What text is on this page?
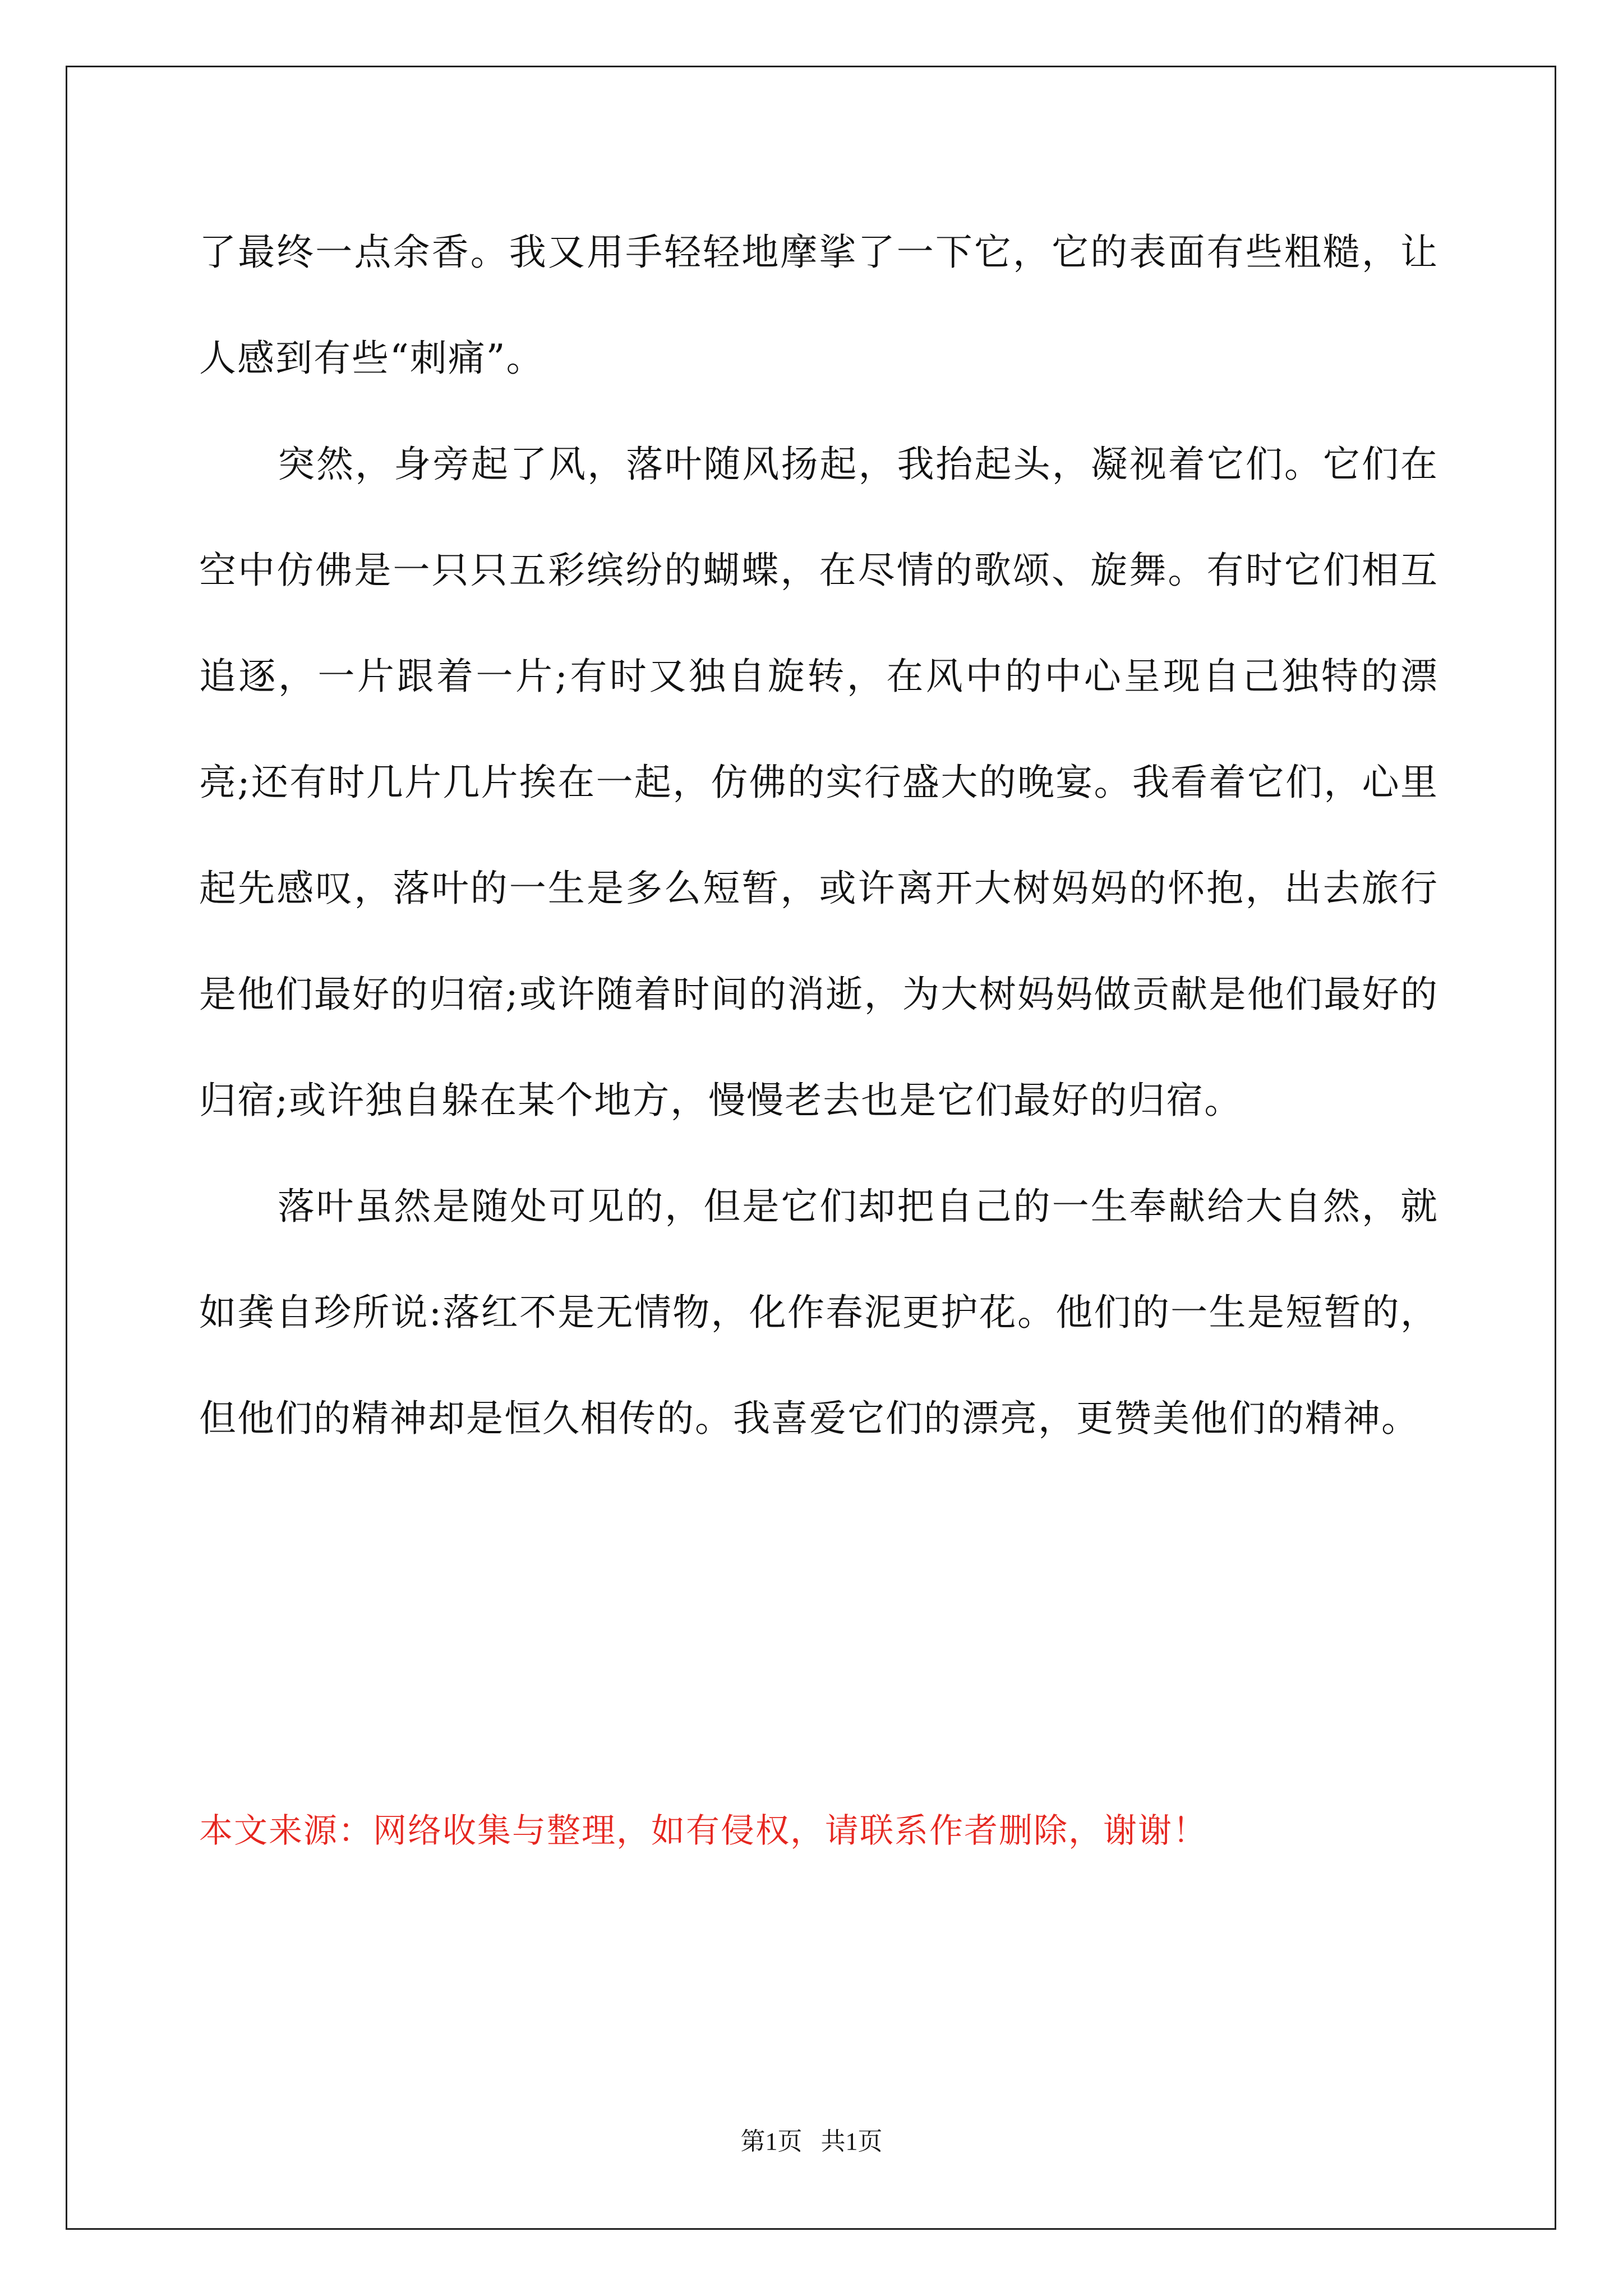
了最终一点余香。我又用手轻轻地摩挲了一下它，它的表面有些粗糙，让人感到有些“刺痛”。

突然，身旁起了风，落叶随风扬起，我抬起头，凝视着它们。它们在空中仿佛是一只只五彩缤纷的蝴蝶，在尽情的歌颂、旋舞。有时它们相互追逐，一片跟着一片;有时又独自旋转，在风中的中心呈现自己独特的漂亮;还有时几片几片挨在一起，仿佛的实行盛大的晚宴。我看着它们，心里起先感叹，落叶的一生是多么短暂，或许离开大树妈妈的怀抱，出去旅行是他们最好的归宿;或许随着时间的消逝，为大树妈妈做贡献是他们最好的归宿;或许独自躲在某个地方，慢慢老去也是它们最好的归宿。

落叶虽然是随处可见的，但是它们却把自己的一生奉献给大自然，就如龚自珍所说:落红不是无情物，化作春泥更护花。他们的一生是短暂的，但他们的精神却是恒久相传的。我喜爱它们的漂亮，更赞美他们的精神。

本文来源：网络收集与整理，如有侵权，请联系作者删除，谢谢！

第1页   共1页
